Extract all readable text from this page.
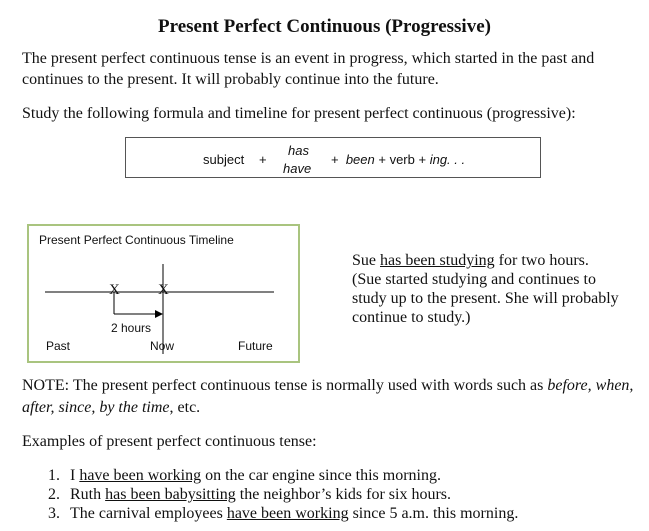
Present Perfect Continuous (Progressive)
The present perfect continuous tense is an event in progress, which started in the past and continues to the present. It will probably continue into the future.
Study the following formula and timeline for present perfect continuous (progressive):
subject +
has
have
+ been + verb + ing. . .
Present Perfect Continuous Timeline
X	X
2 hours
Past	Now	Future
Sue has been studying for two hours. (Sue started studying and continues to study up to the present. She will probably continue to study.)
NOTE: The present perfect continuous tense is normally used with words such as before, when, after, since, by the time, etc.
Examples of present perfect continuous tense:
1. I have been working on the car engine since this morning.
2. Ruth has been babysitting the neighbor’s kids for six hours.
3. The carnival employees have been working since 5 a.m. this morning.
